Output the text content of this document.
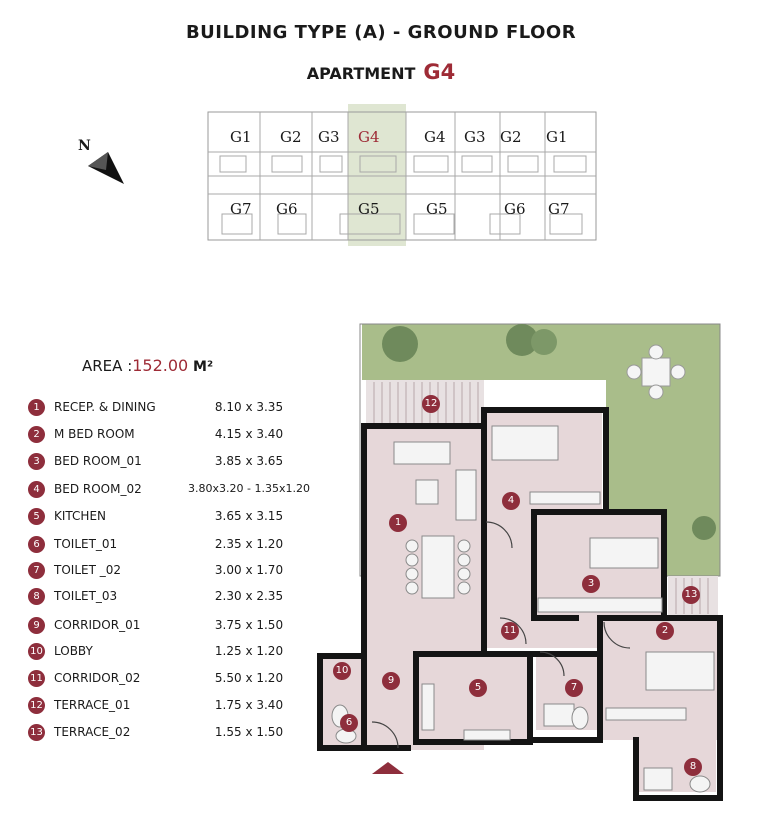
BUILDING TYPE (A) - GROUND FLOOR
APARTMENT G4
G1 G2 G3 G4	G4 G3 G2 G1
G7 G6	G5	G5	G6 G7
N
AREA :152.00 M²
1	RECEP. & DINING	8.10 x 3.35
2	M BED ROOM	4.15 x 3.40
3	BED ROOM_01	3.85 x 3.65
4	BED ROOM_02	3.80x3.20 - 1.35x1.20
5	KITCHEN	3.65 x 3.15
6	TOILET_01	2.35 x 1.20
7	TOILET _02	3.00 x 1.70
8	TOILET_03	2.30 x 2.35
9	CORRIDOR_01	3.75 x 1.50
10 LOBBY	1.25 x 1.20
11 CORRIDOR_02	5.50 x 1.20
12 TERRACE_01	1.75 x 3.40
13 TERRACE_02	1.55 x 1.50
1
2
3
4
5
6
7
8
9
10
11
12
13
